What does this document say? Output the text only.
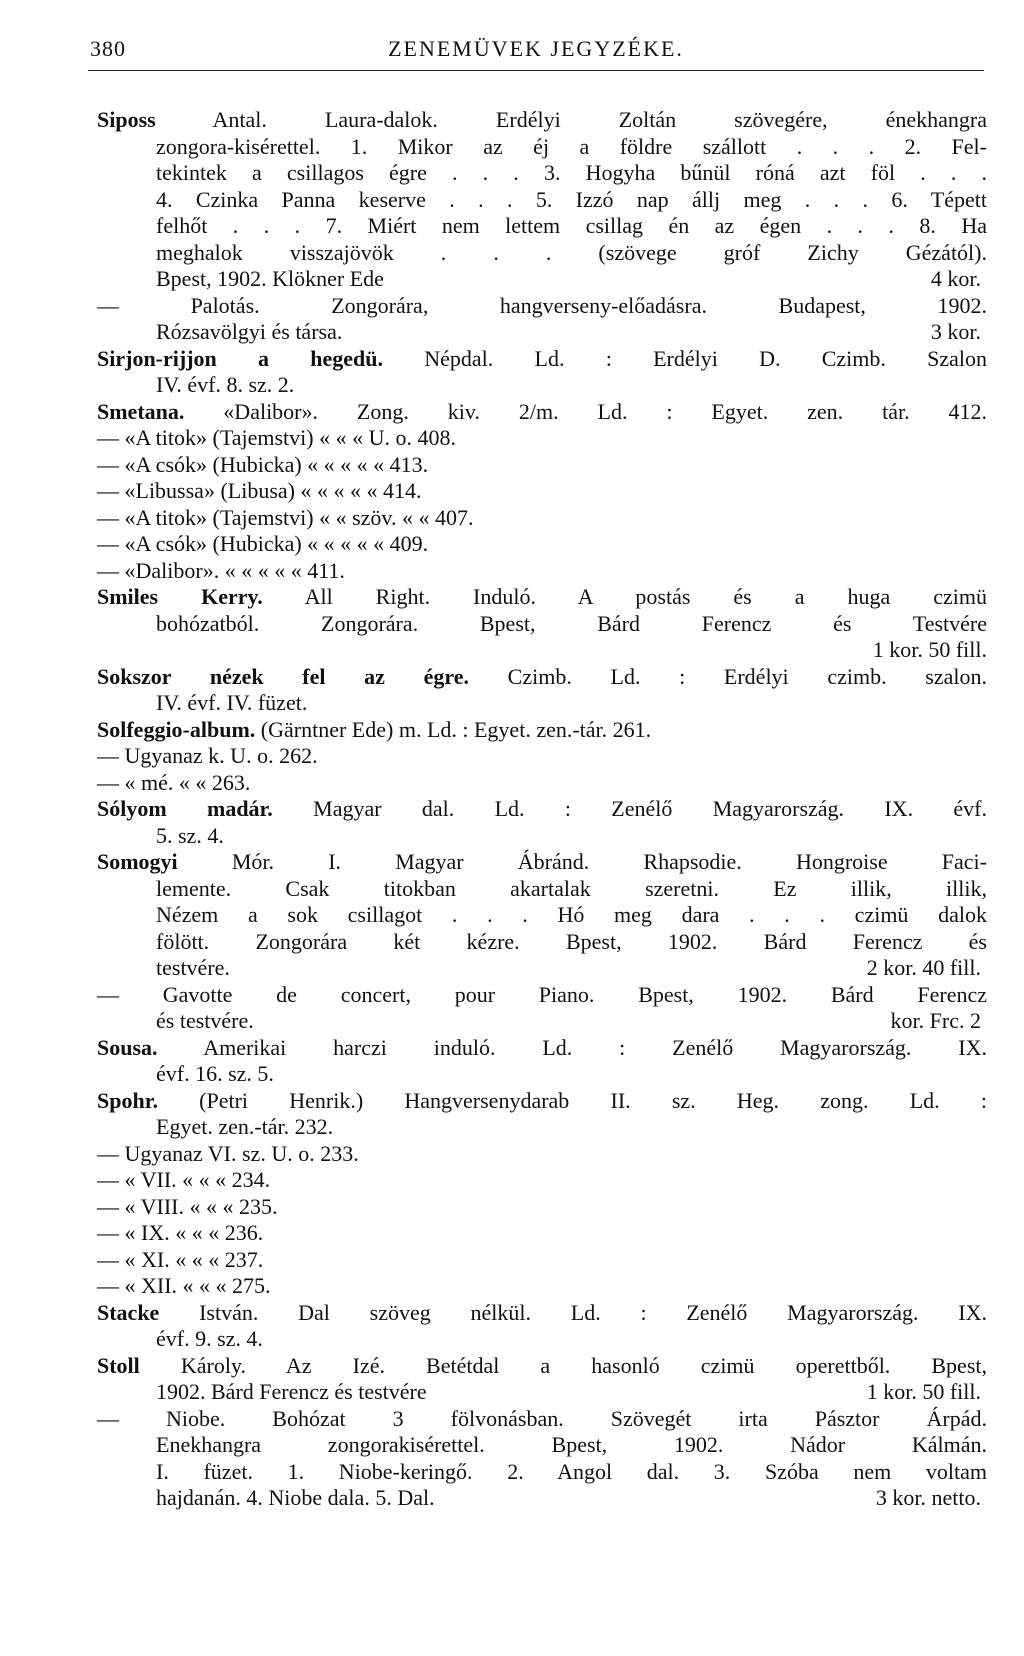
380	ZENEMÜVEK JEGYZÉKE.
Siposs Antal. Laura-dalok. Erdélyi Zoltán szövegére, énekhangra
zongora-kisérettel. 1. Mikor az éj a földre szállott . . . 2. Fel-
tekintek a csillagos égre . . . 3. Hogyha bűnül róná azt föl . . .
4. Czinka Panna keserve . . . 5. Izzó nap állj meg . . . 6. Tépett
felhőt . . . 7. Miért nem lettem csillag én az égen . . . 8. Ha
meghalok visszajövök . . . (szövege gróf Zichy Gézától).
Bpest, 1902. Klökner Ede	4 kor.
— Palotás. Zongorára, hangverseny-előadásra. Budapest, 1902.
Rózsavölgyi és társa.	3 kor.
Sirjon-rijjon a hegedü. Népdal. Ld. : Erdélyi D. Czimb. Szalon
IV. évf. 8. sz. 2.
Smetana. «Dalibor». Zong. kiv. 2/m. Ld. : Egyet. zen. tár. 412.
— «A titok» (Tajemstvi) « « « U. o. 408.
— «A csók» (Hubicka) « « « « « 413.
— «Libussa» (Libusa) « « « « « 414.
— «A titok» (Tajemstvi) « « szöv. « « 407.
— «A csók» (Hubicka) « « « « « 409.
— «Dalibor». « « « « « 411.
Smiles Kerry. All Right. Induló. A postás és a huga czimü
bohózatból. Zongorára. Bpest, Bárd Ferencz és Testvére
1 kor. 50 fill.
Sokszor nézek fel az égre. Czimb. Ld. : Erdélyi czimb. szalon.
IV. évf. IV. füzet.
Solfeggio-album. (Gärntner Ede) m. Ld. : Egyet. zen.-tár. 261.
— Ugyanaz k. U. o. 262.
— « mé. « « 263.
Sólyom madár. Magyar dal. Ld. : Zenélő Magyarország. IX. évf.
5. sz. 4.
Somogyi Mór. I. Magyar Ábránd. Rhapsodie. Hongroise Faci-
lemente. Csak titokban akartalak szeretni. Ez illik, illik,
Nézem a sok csillagot . . . Hó meg dara . . . czimü dalok
fölött. Zongorára két kézre. Bpest, 1902. Bárd Ferencz és
testvére.	2 kor. 40 fill.
— Gavotte de concert, pour Piano. Bpest, 1902. Bárd Ferencz
és testvére.	kor. Frc. 2
Sousa. Amerikai harczi induló. Ld. : Zenélő Magyarország. IX.
évf. 16. sz. 5.
Spohr. (Petri Henrik.) Hangversenydarab II. sz. Heg. zong. Ld. :
Egyet. zen.-tár. 232.
— Ugyanaz VI. sz. U. o. 233.
— « VII. « « « 234.
— « VIII. « « « 235.
— « IX. « « « 236.
— « XI. « « « 237.
— « XII. « « « 275.
Stacke István. Dal szöveg nélkül. Ld. : Zenélő Magyarország. IX.
évf. 9. sz. 4.
Stoll Károly. Az Izé. Betétdal a hasonló czimü operettből. Bpest,
1902. Bárd Ferencz és testvére	1 kor. 50 fill.
— Niobe. Bohózat 3 fölvonásban. Szövegét irta Pásztor Árpád.
Enekhangra zongorakisérettel. Bpest, 1902. Nádor Kálmán.
I. füzet. 1. Niobe-keringő. 2. Angol dal. 3. Szóba nem voltam
hajdanán. 4. Niobe dala. 5. Dal.	3 kor. netto.
